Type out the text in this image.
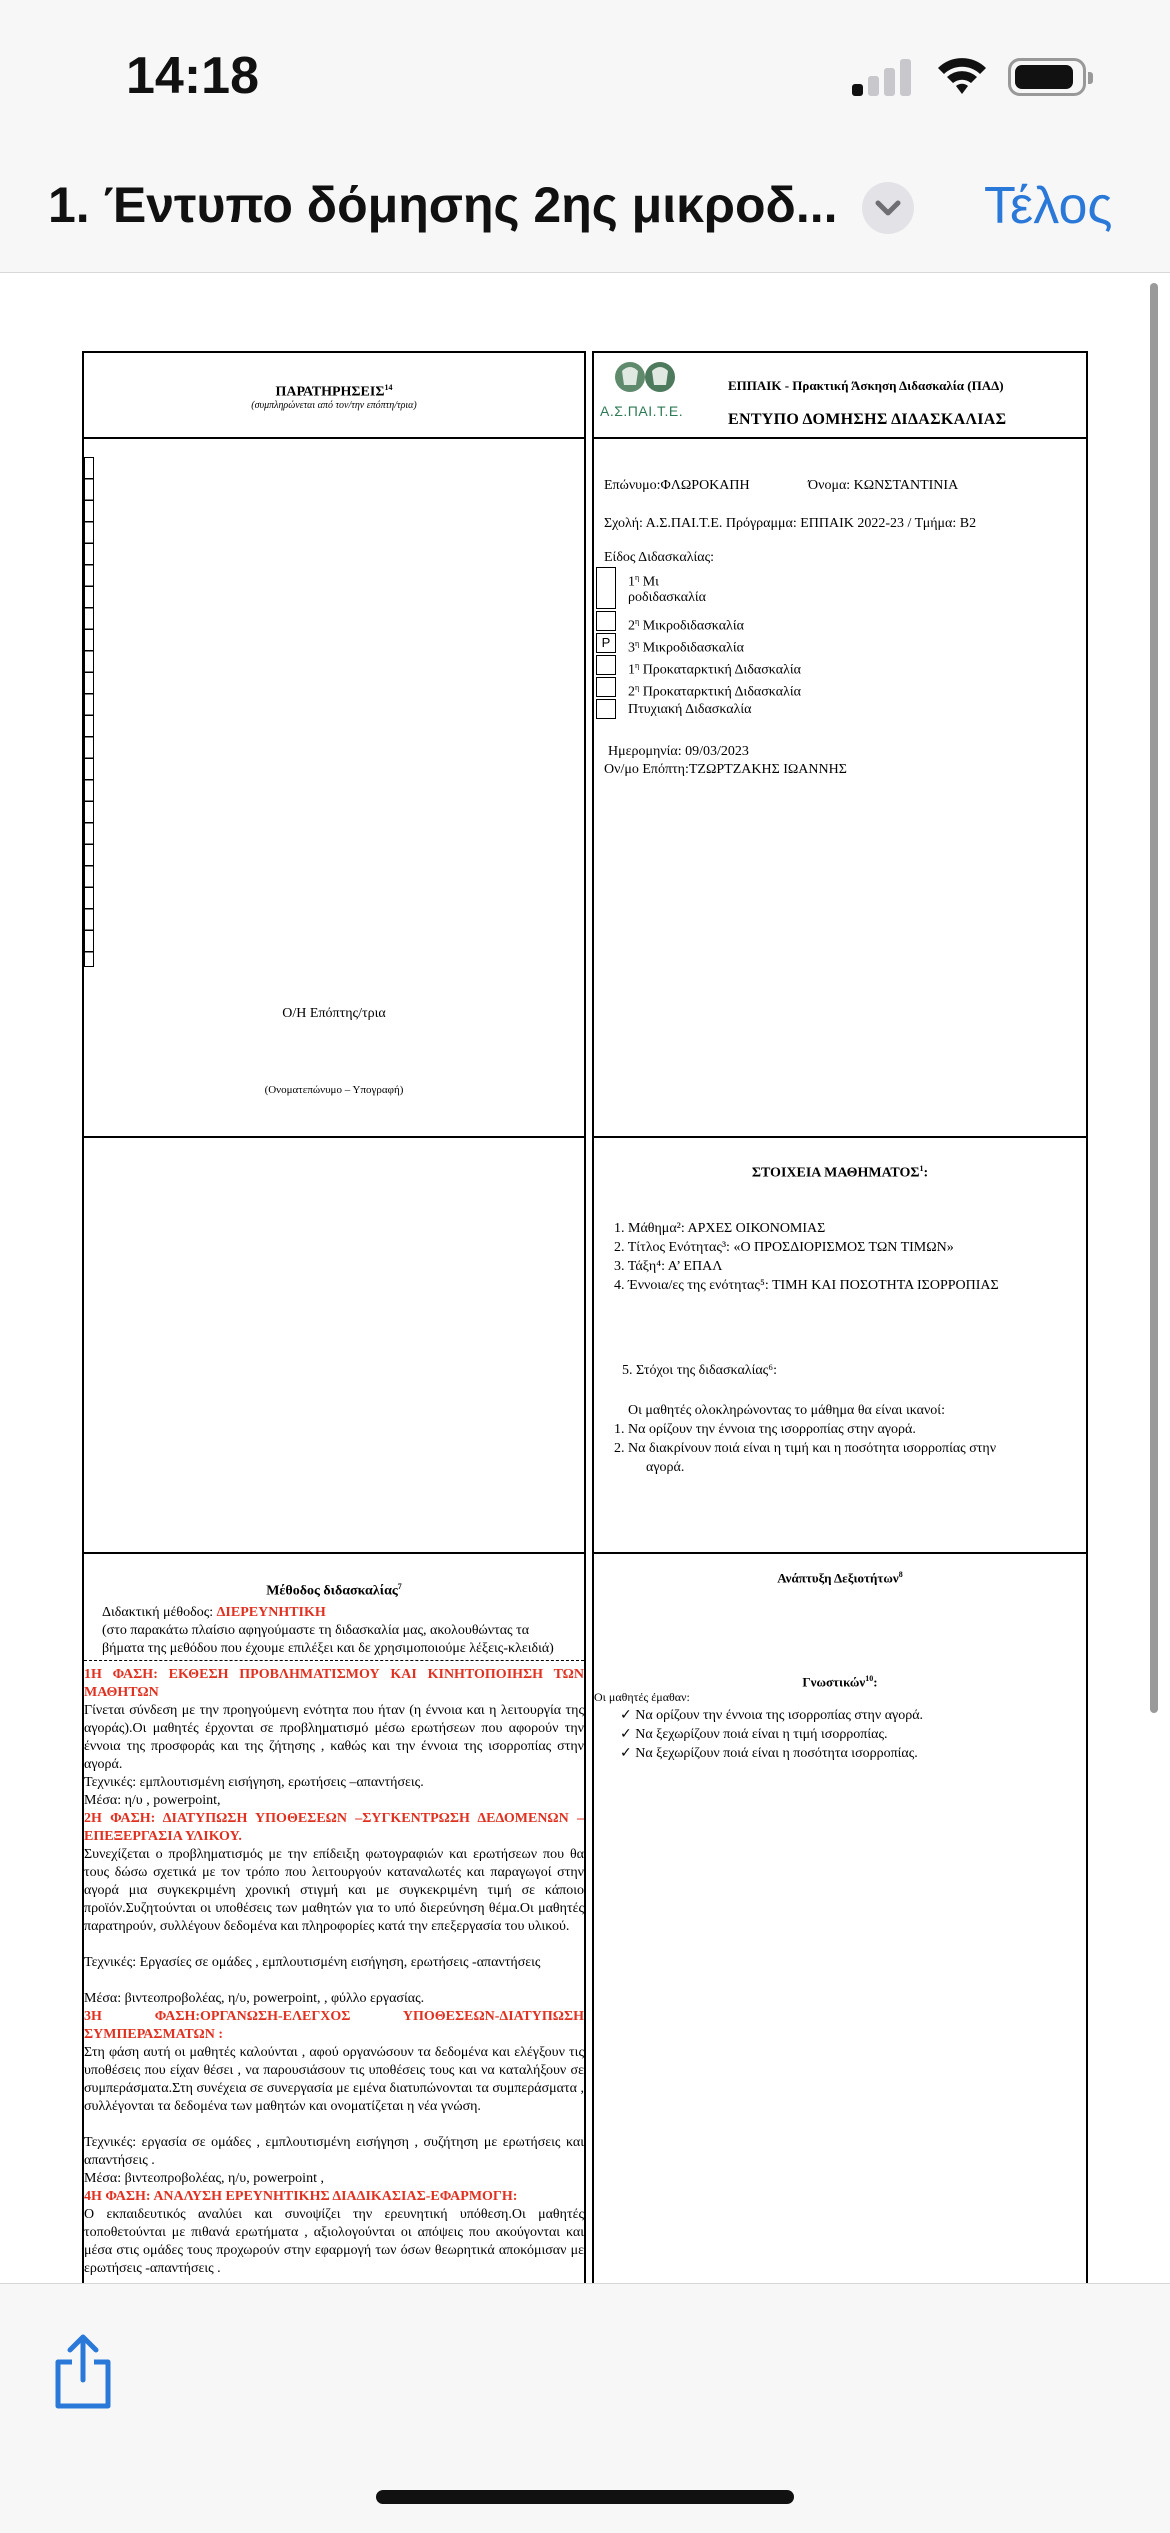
14:18
1. Έντυπο δόμησης 2ης μικροδ...	Τέλος
ΠΑΡΑΤΗΡΗΣΕΙΣ$^{14}$
(συμπληρώνεται από τον/την επόπτη/τρια)
Ο/Η Επόπτης/τρια
(Ονοματεπώνυμο – Υπογραφή)
Α.Σ.ΠΑΙ.Τ.Ε.
ΕΠΠΑΙΚ - Πρακτική Άσκηση Διδασκαλία (ΠΑΔ)
ΕΝΤΥΠΟ ΔΟΜΗΣΗΣ ΔΙΔΑΣΚΑΛΙΑΣ
Επώνυμο:ΦΛΩΡΟΚΑΠΗ	Όνομα: ΚΩΝΣΤΑΝΤΙΝΙΑ
Σχολή: Α.Σ.ΠΑΙ.Τ.Ε. Πρόγραμμα: ΕΠΠΑΙΚ 2022-23 / Τμήμα: Β2
Είδος Διδασκαλίας:
$1^\eta$ Μι
ροδιδασκαλία
$2^\eta$ Μικροδιδασκαλία
P	$3^\eta$ Μικροδιδασκαλία
$1^\eta$ Προκαταρκτική Διδασκαλία
$2^\eta$ Προκαταρκτική Διδασκαλία
Πτυχιακή Διδασκαλία
Ημερομηνία: 09/03/2023
Ον/μο Επόπτη:ΤΖΩΡΤΖΑΚΗΣ ΙΩΑΝΝΗΣ
ΣΤΟΙΧΕΙΑ ΜΑΘΗΜΑΤΟΣ$^1$:
1. Μάθημα²: ΑΡΧΕΣ ΟΙΚΟΝΟΜΙΑΣ
2. Τίτλος Ενότητας³: «Ο ΠΡΟΣΔΙΟΡΙΣΜΟΣ ΤΩΝ ΤΙΜΩΝ»
3. Τάξη⁴: Α’ ΕΠΑΛ
4. Έννοια/ες της ενότητας⁵: ΤΙΜΗ ΚΑΙ ΠΟΣΟΤΗΤΑ ΙΣΟΡΡΟΠΙΑΣ
5. Στόχοι της διδασκαλίας⁶:
Οι μαθητές ολοκληρώνοντας το μάθημα θα είναι ικανοί:
1. Να ορίζουν την έννοια της ισορροπίας στην αγορά.
2. Να διακρίνουν ποιά είναι η τιμή και η ποσότητα ισορροπίας στην
αγορά.
Μέθοδος διδασκαλίας$^7$
Διδακτική μέθοδος: ΔΙΕΡΕΥΝΗΤΙΚΗ
(στο παρακάτω πλαίσιο αφηγούμαστε τη διδασκαλία μας, ακολουθώντας τα
βήματα της μεθόδου που έχουμε επιλέξει και δε χρησιμοποιούμε λέξεις-κλειδιά)
1Η ΦΑΣΗ: ΕΚΘΕΣΗ ΠΡΟΒΛΗΜΑΤΙΣΜΟΥ ΚΑΙ ΚΙΝΗΤΟΠΟΙΗΣΗ ΤΩΝ ΜΑΘΗΤΩΝ
Γίνεται σύνδεση με την προηγούμενη ενότητα που ήταν (η έννοια και η λειτουργία της αγοράς).Οι μαθητές έρχονται σε προβληματισμό μέσω ερωτήσεων που αφορούν την έννοια της προσφοράς και της ζήτησης , καθώς και την έννοια της ισορροπίας στην αγορά.
Τεχνικές: εμπλουτισμένη εισήγηση, ερωτήσεις –απαντήσεις.
Μέσα: η/υ , powerpoint,
2Η ΦΑΣΗ: ΔΙΑΤΥΠΩΣΗ ΥΠΟΘΕΣΕΩΝ –ΣΥΓΚΕΝΤΡΩΣΗ ΔΕΔΟΜΕΝΩΝ –ΕΠΕΞΕΡΓΑΣΙΑ ΥΛΙΚΟΥ.
Συνεχίζεται ο προβληματισμός με την επίδειξη φωτογραφιών και ερωτήσεων που θα τους δώσω σχετικά με τον τρόπο που λειτουργούν καταναλωτές και παραγωγοί στην αγορά μια συγκεκριμένη χρονική στιγμή και με συγκεκριμένη τιμή σε κάποιο προϊόν.Συζητούνται οι υποθέσεις των μαθητών για το υπό διερεύνηση θέμα.Οι μαθητές παρατηρούν, συλλέγουν δεδομένα και πληροφορίες κατά την επεξεργασία του υλικού.
Τεχνικές: Εργασίες σε ομάδες , εμπλουτισμένη εισήγηση, ερωτήσεις -απαντήσεις
Μέσα: βιντεοπροβολέας, η/υ, powerpoint, , φύλλο εργασίας.
3Η ΦΑΣΗ:ΟΡΓΑΝΩΣΗ-ΕΛΕΓΧΟΣ ΥΠΟΘΕΣΕΩΝ-ΔΙΑΤΥΠΩΣΗ ΣΥΜΠΕΡΑΣΜΑΤΩΝ :
Στη φάση αυτή οι μαθητές καλούνται , αφού οργανώσουν τα δεδομένα και ελέγξουν τις υποθέσεις που είχαν θέσει , να παρουσιάσουν τις υποθέσεις τους και να καταλήξουν σε συμπεράσματα.Στη συνέχεια σε συνεργασία με εμένα διατυπώνονται τα συμπεράσματα , συλλέγονται τα δεδομένα των μαθητών και ονοματίζεται η νέα γνώση.
Τεχνικές: εργασία σε ομάδες , εμπλουτισμένη εισήγηση , συζήτηση με ερωτήσεις και απαντήσεις .
Μέσα: βιντεοπροβολέας, η/υ, powerpoint ,
4Η ΦΑΣΗ: ΑΝΑΛΥΣΗ ΕΡΕΥΝΗΤΙΚΗΣ ΔΙΑΔΙΚΑΣΙΑΣ-ΕΦΑΡΜΟΓΗ:
Ο εκπαιδευτικός αναλύει και συνοψίζει την ερευνητική υπόθεση.Οι μαθητές τοποθετούνται με πιθανά ερωτήματα , αξιολογούνται οι απόψεις που ακούγονται και μέσα στις ομάδες τους προχωρούν στην εφαρμογή των όσων θεωρητικά αποκόμισαν με ερωτήσεις -απαντήσεις .
Ανάπτυξη Δεξιοτήτων$^8$
Γνωστικών$^{10}$:
Οι μαθητές έμαθαν:
✓ Να ορίζουν την έννοια της ισορροπίας στην αγορά.
✓ Να ξεχωρίζουν ποιά είναι η τιμή ισορροπίας.
✓ Να ξεχωρίζουν ποιά είναι η ποσότητα ισορροπίας.
